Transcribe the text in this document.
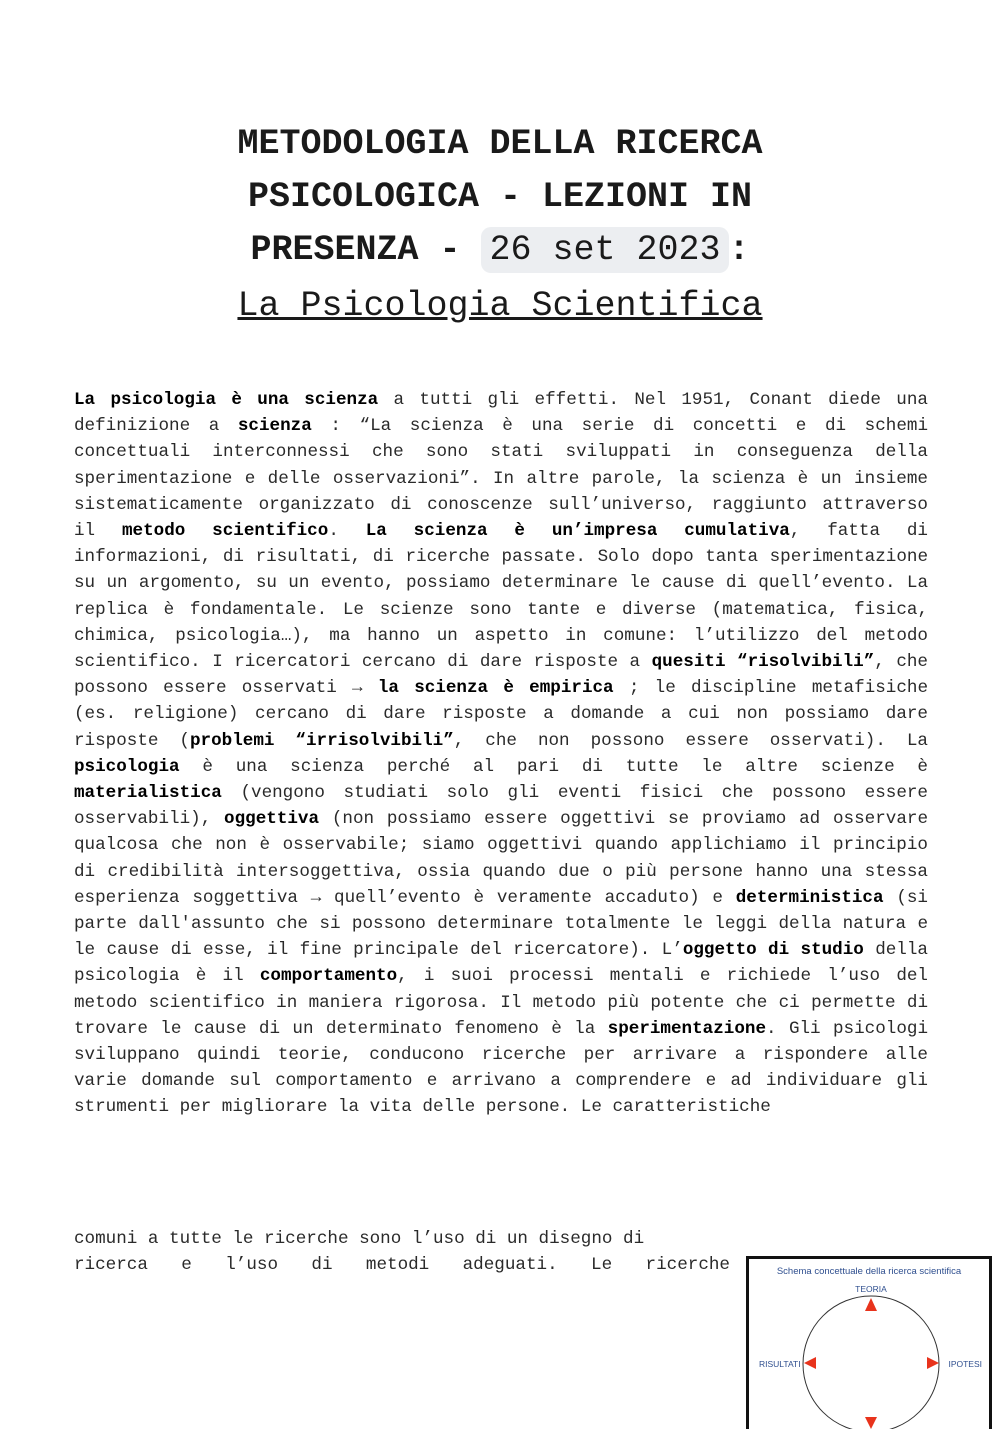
METODOLOGIA DELLA RICERCA
PSICOLOGICA - LEZIONI IN
PRESENZA - 26 set 2023 :
La Psicologia Scientifica
La psicologia è una scienza a tutti gli effetti. Nel 1951, Conant diede una definizione a scienza : “La scienza è una serie di concetti e di schemi concettuali interconnessi che sono stati sviluppati in conseguenza della sperimentazione e delle osservazioni”. In altre parole, la scienza è un insieme sistematicamente organizzato di conoscenze sull’universo, raggiunto attraverso il metodo scientifico. La scienza è un’impresa cumulativa, fatta di informazioni, di risultati, di ricerche passate. Solo dopo tanta sperimentazione su un argomento, su un evento, possiamo determinare le cause di quell’evento. La replica è fondamentale. Le scienze sono tante e diverse (matematica, fisica, chimica, psicologia…), ma hanno un aspetto in comune: l’utilizzo del metodo scientifico. I ricercatori cercano di dare risposte a quesiti “risolvibili”, che possono essere osservati → la scienza è empirica ; le discipline metafisiche (es. religione) cercano di dare risposte a domande a cui non possiamo dare risposte (problemi “irrisolvibili”, che non possono essere osservati). La psicologia è una scienza perché al pari di tutte le altre scienze è materialistica (vengono studiati solo gli eventi fisici che possono essere osservabili), oggettiva (non possiamo essere oggettivi se proviamo ad osservare qualcosa che non è osservabile; siamo oggettivi quando applichiamo il principio di credibilità intersoggettiva, ossia quando due o più persone hanno una stessa esperienza soggettiva → quell’evento è veramente accaduto) e deterministica (si parte dall'assunto che si possono determinare totalmente le leggi della natura e le cause di esse, il fine principale del ricercatore). L’oggetto di studio della psicologia è il comportamento, i suoi processi mentali e richiede l’uso del metodo scientifico in maniera rigorosa. Il metodo più potente che ci permette di trovare le cause di un determinato fenomeno è la sperimentazione. Gli psicologi sviluppano quindi teorie, conducono ricerche per arrivare a rispondere alle varie domande sul comportamento e arrivano a comprendere e ad individuare gli strumenti per migliorare la vita delle persone. Le caratteristiche
comuni a tutte le ricerche sono l’uso di un disegno di
ricerca e l’uso di metodi adeguati. Le ricerche	Schema concettuale della ricerca scientifica
TEORIA
IPOTESI
RISULTATI
